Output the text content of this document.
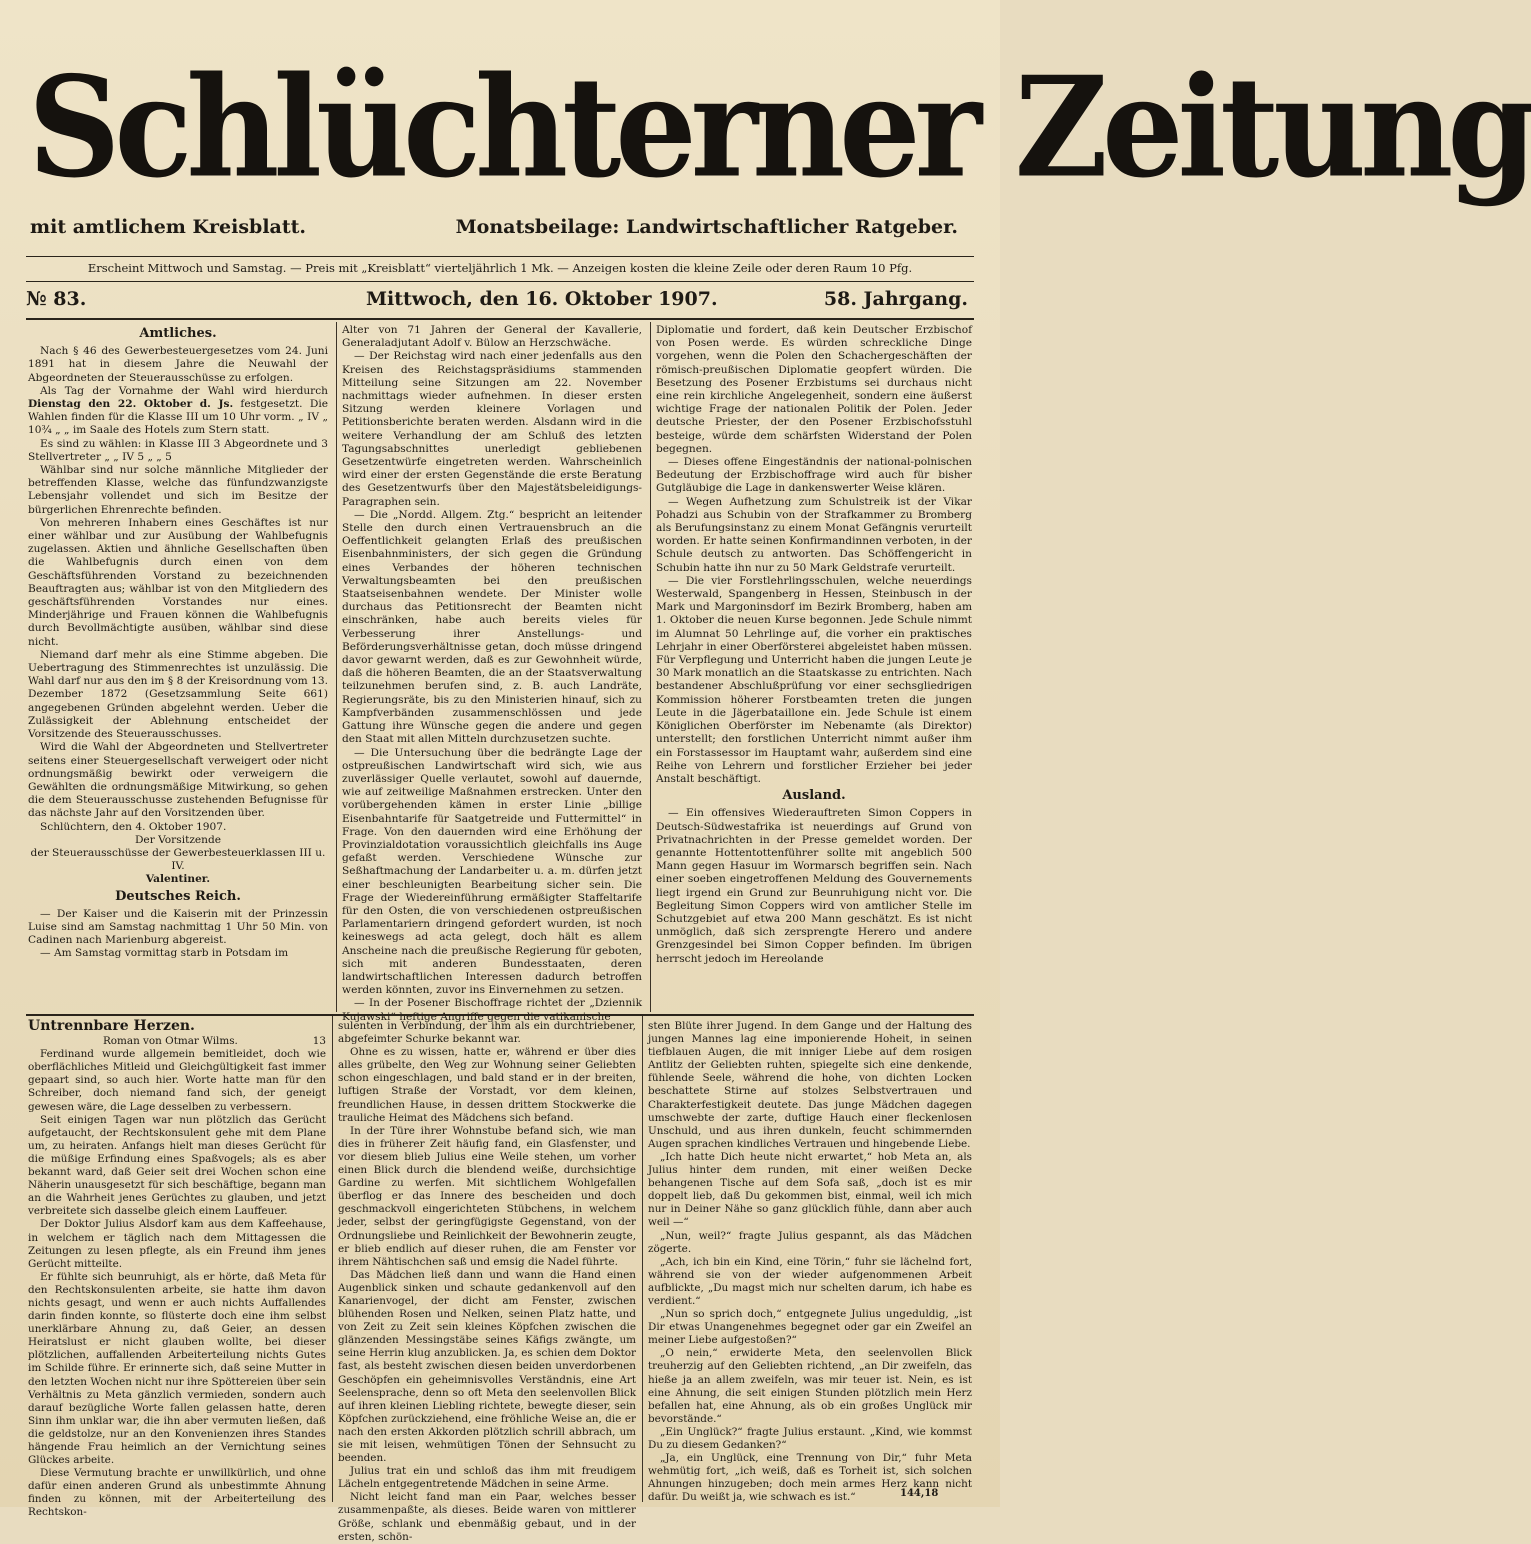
Schlüchterner Zeitung
mit amtlichem Kreisblatt.	Monatsbeilage: Landwirtschaftlicher Ratgeber.
Erscheint Mittwoch und Samstag. — Preis mit „Kreisblatt“ vierteljährlich 1 Mk. — Anzeigen kosten die kleine Zeile oder deren Raum 10 Pfg.
№ 83.	Mittwoch, den 16. Oktober 1907.	58. Jahrgang.
Amtliches.

Nach § 46 des Gewerbesteuergesetzes vom 24. Juni 1891 hat in diesem Jahre die Neuwahl der Abgeordneten der Steuerausschüsse zu erfolgen.

Als Tag der Vornahme der Wahl wird hierdurch Dienstag den 22. Oktober d. Js. festgesetzt. Die Wahlen finden für die Klasse III um 10 Uhr vorm. „ IV „ 10¾ „ „ im Saale des Hotels zum Stern statt.

Es sind zu wählen: in Klasse III 3 Abgeordnete und 3 Stellvertreter „ „ IV 5 „ „ 5

Wählbar sind nur solche männliche Mitglieder der betreffenden Klasse, welche das fünfundzwanzigste Lebensjahr vollendet und sich im Besitze der bürgerlichen Ehrenrechte befinden.

Von mehreren Inhabern eines Geschäftes ist nur einer wählbar und zur Ausübung der Wahlbefugnis zugelassen. Aktien und ähnliche Gesellschaften üben die Wahlbefugnis durch einen von dem Geschäftsführenden Vorstand zu bezeichnenden Beauftragten aus; wählbar ist von den Mitgliedern des geschäftsführenden Vorstandes nur eines. Minderjährige und Frauen können die Wahlbefugnis durch Bevollmächtigte ausüben, wählbar sind diese nicht.

Niemand darf mehr als eine Stimme abgeben. Die Uebertragung des Stimmenrechtes ist unzulässig. Die Wahl darf nur aus den im § 8 der Kreisordnung vom 13. Dezember 1872 (Gesetzsammlung Seite 661) angegebenen Gründen abgelehnt werden. Ueber die Zulässigkeit der Ablehnung entscheidet der Vorsitzende des Steuerausschusses.

Wird die Wahl der Abgeordneten und Stellvertreter seitens einer Steuergesellschaft verweigert oder nicht ordnungsmäßig bewirkt oder verweigern die Gewählten die ordnungsmäßige Mitwirkung, so gehen die dem Steuerausschusse zustehenden Befugnisse für das nächste Jahr auf den Vorsitzenden über.

Schlüchtern, den 4. Oktober 1907.

Der Vorsitzende

der Steuerausschüsse der Gewerbesteuerklassen III u. IV.

Valentiner.

Deutsches Reich.

— Der Kaiser und die Kaiserin mit der Prinzessin Luise sind am Samstag nachmittag 1 Uhr 50 Min. von Cadinen nach Marienburg abgereist.

— Am Samstag vormittag starb in Potsdam im

Alter von 71 Jahren der General der Kavallerie, Generaladjutant Adolf v. Bülow an Herzschwäche.

— Der Reichstag wird nach einer jedenfalls aus den Kreisen des Reichstagspräsidiums stammenden Mitteilung seine Sitzungen am 22. November nachmittags wieder aufnehmen. In dieser ersten Sitzung werden kleinere Vorlagen und Petitionsberichte beraten werden. Alsdann wird in die weitere Verhandlung der am Schluß des letzten Tagungsabschnittes unerledigt gebliebenen Gesetzentwürfe eingetreten werden. Wahrscheinlich wird einer der ersten Gegenstände die erste Beratung des Gesetzentwurfs über den Majestätsbeleidigungs-Paragraphen sein.

— Die „Nordd. Allgem. Ztg.“ bespricht an leitender Stelle den durch einen Vertrauensbruch an die Oeffentlichkeit gelangten Erlaß des preußischen Eisenbahnministers, der sich gegen die Gründung eines Verbandes der höheren technischen Verwaltungsbeamten bei den preußischen Staatseisenbahnen wendete. Der Minister wolle durchaus das Petitionsrecht der Beamten nicht einschränken, habe auch bereits vieles für Verbesserung ihrer Anstellungs- und Beförderungsverhältnisse getan, doch müsse dringend davor gewarnt werden, daß es zur Gewohnheit würde, daß die höheren Beamten, die an der Staatsverwaltung teilzunehmen berufen sind, z. B. auch Landräte, Regierungsräte, bis zu den Ministerien hinauf, sich zu Kampfverbänden zusammenschlössen und jede Gattung ihre Wünsche gegen die andere und gegen den Staat mit allen Mitteln durchzusetzen suchte.

— Die Untersuchung über die bedrängte Lage der ostpreußischen Landwirtschaft wird sich, wie aus zuverlässiger Quelle verlautet, sowohl auf dauernde, wie auf zeitweilige Maßnahmen erstrecken. Unter den vorübergehenden kämen in erster Linie „billige Eisenbahntarife für Saatgetreide und Futtermittel“ in Frage. Von den dauernden wird eine Erhöhung der Provinzialdotation voraussichtlich gleichfalls ins Auge gefaßt werden. Verschiedene Wünsche zur Seßhaftmachung der Landarbeiter u. a. m. dürfen jetzt einer beschleunigten Bearbeitung sicher sein. Die Frage der Wiedereinführung ermäßigter Staffeltarife für den Osten, die von verschiedenen ostpreußischen Parlamentariern dringend gefordert wurden, ist noch keineswegs ad acta gelegt, doch hält es allem Anscheine nach die preußische Regierung für geboten, sich mit anderen Bundesstaaten, deren landwirtschaftlichen Interessen dadurch betroffen werden könnten, zuvor ins Einvernehmen zu setzen.

— In der Posener Bischoffrage richtet der „Dziennik Kujawski“ heftige Angriffe gegen die vatikanische

Diplomatie und fordert, daß kein Deutscher Erzbischof von Posen werde. Es würden schreckliche Dinge vorgehen, wenn die Polen den Schachergeschäften der römisch-preußischen Diplomatie geopfert würden. Die Besetzung des Posener Erzbistums sei durchaus nicht eine rein kirchliche Angelegenheit, sondern eine äußerst wichtige Frage der nationalen Politik der Polen. Jeder deutsche Priester, der den Posener Erzbischofsstuhl besteige, würde dem schärfsten Widerstand der Polen begegnen.

— Dieses offene Eingeständnis der national-polnischen Bedeutung der Erzbischoffrage wird auch für bisher Gutgläubige die Lage in dankenswerter Weise klären.

— Wegen Aufhetzung zum Schulstreik ist der Vikar Pohadzi aus Schubin von der Strafkammer zu Bromberg als Berufungsinstanz zu einem Monat Gefängnis verurteilt worden. Er hatte seinen Konfirmandinnen verboten, in der Schule deutsch zu antworten. Das Schöffengericht in Schubin hatte ihn nur zu 50 Mark Geldstrafe verurteilt.

— Die vier Forstlehrlingsschulen, welche neuerdings Westerwald, Spangenberg in Hessen, Steinbusch in der Mark und Margoninsdorf im Bezirk Bromberg, haben am 1. Oktober die neuen Kurse begonnen. Jede Schule nimmt im Alumnat 50 Lehrlinge auf, die vorher ein praktisches Lehrjahr in einer Oberförsterei abgeleistet haben müssen. Für Verpflegung und Unterricht haben die jungen Leute je 30 Mark monatlich an die Staatskasse zu entrichten. Nach bestandener Abschlußprüfung vor einer sechsgliedrigen Kommission höherer Forstbeamten treten die jungen Leute in die Jägerbataillone ein. Jede Schule ist einem Königlichen Oberförster im Nebenamte (als Direktor) unterstellt; den forstlichen Unterricht nimmt außer ihm ein Forstassessor im Hauptamt wahr, außerdem sind eine Reihe von Lehrern und forstlicher Erzieher bei jeder Anstalt beschäftigt.

Ausland.

— Ein offensives Wiederauftreten Simon Coppers in Deutsch-Südwestafrika ist neuerdings auf Grund von Privatnachrichten in der Presse gemeldet worden. Der genannte Hottentottenführer sollte mit angeblich 500 Mann gegen Hasuur im Wormarsch begriffen sein. Nach einer soeben eingetroffenen Meldung des Gouvernements liegt irgend ein Grund zur Beunruhigung nicht vor. Die Begleitung Simon Coppers wird von amtlicher Stelle im Schutzgebiet auf etwa 200 Mann geschätzt. Es ist nicht unmöglich, daß sich zersprengte Herero und andere Grenzgesindel bei Simon Copper befinden. Im übrigen herrscht jedoch im Hereolande

Untrennbare Herzen.

Roman von Otmar Wilms.	13

Ferdinand wurde allgemein bemitleidet, doch wie oberflächliches Mitleid und Gleichgültigkeit fast immer gepaart sind, so auch hier. Worte hatte man für den Schreiber, doch niemand fand sich, der geneigt gewesen wäre, die Lage desselben zu verbessern.

Seit einigen Tagen war nun plötzlich das Gerücht aufgetaucht, der Rechtskonsulent gehe mit dem Plane um, zu heiraten. Anfangs hielt man dieses Gerücht für die müßige Erfindung eines Spaßvogels; als es aber bekannt ward, daß Geier seit drei Wochen schon eine Näherin unausgesetzt für sich beschäftige, begann man an die Wahrheit jenes Gerüchtes zu glauben, und jetzt verbreitete sich dasselbe gleich einem Lauffeuer.

Der Doktor Julius Alsdorf kam aus dem Kaffeehause, in welchem er täglich nach dem Mittagessen die Zeitungen zu lesen pflegte, als ein Freund ihm jenes Gerücht mitteilte.

Er fühlte sich beunruhigt, als er hörte, daß Meta für den Rechtskonsulenten arbeite, sie hatte ihm davon nichts gesagt, und wenn er auch nichts Auffallendes darin finden konnte, so flüsterte doch eine ihm selbst unerklärbare Ahnung zu, daß Geier, an dessen Heiratslust er nicht glauben wollte, bei dieser plötzlichen, auffallenden Arbeiterteilung nichts Gutes im Schilde führe. Er erinnerte sich, daß seine Mutter in den letzten Wochen nicht nur ihre Spöttereien über sein Verhältnis zu Meta gänzlich vermieden, sondern auch darauf bezügliche Worte fallen gelassen hatte, deren Sinn ihm unklar war, die ihn aber vermuten ließen, daß die geldstolze, nur an den Konvenienzen ihres Standes hängende Frau heimlich an der Vernichtung seines Glückes arbeite.

Diese Vermutung brachte er unwillkürlich, und ohne dafür einen anderen Grund als unbestimmte Ahnung finden zu können, mit der Arbeiterteilung des Rechtskon-

sulenten in Verbindung, der ihm als ein durchtriebener, abgefeimter Schurke bekannt war.

Ohne es zu wissen, hatte er, während er über dies alles grübelte, den Weg zur Wohnung seiner Geliebten schon eingeschlagen, und bald stand er in der breiten, luftigen Straße der Vorstadt, vor dem kleinen, freundlichen Hause, in dessen drittem Stockwerke die trauliche Heimat des Mädchens sich befand.

In der Türe ihrer Wohnstube befand sich, wie man dies in früherer Zeit häufig fand, ein Glasfenster, und vor diesem blieb Julius eine Weile stehen, um vorher einen Blick durch die blendend weiße, durchsichtige Gardine zu werfen. Mit sichtlichem Wohlgefallen überflog er das Innere des bescheiden und doch geschmackvoll eingerichteten Stübchens, in welchem jeder, selbst der geringfügigste Gegenstand, von der Ordnungsliebe und Reinlichkeit der Bewohnerin zeugte, er blieb endlich auf dieser ruhen, die am Fenster vor ihrem Nähtischchen saß und emsig die Nadel führte.

Das Mädchen ließ dann und wann die Hand einen Augenblick sinken und schaute gedankenvoll auf den Kanarienvogel, der dicht am Fenster, zwischen blühenden Rosen und Nelken, seinen Platz hatte, und von Zeit zu Zeit sein kleines Köpfchen zwischen die glänzenden Messingstäbe seines Käfigs zwängte, um seine Herrin klug anzublicken. Ja, es schien dem Doktor fast, als besteht zwischen diesen beiden unverdorbenen Geschöpfen ein geheimnisvolles Verständnis, eine Art Seelensprache, denn so oft Meta den seelenvollen Blick auf ihren kleinen Liebling richtete, bewegte dieser, sein Köpfchen zurückziehend, eine fröhliche Weise an, die er nach den ersten Akkorden plötzlich schrill abbrach, um sie mit leisen, wehmütigen Tönen der Sehnsucht zu beenden.

Julius trat ein und schloß das ihm mit freudigem Lächeln entgegentretende Mädchen in seine Arme.

Nicht leicht fand man ein Paar, welches besser zusammenpaßte, als dieses. Beide waren von mittlerer Größe, schlank und ebenmäßig gebaut, und in der ersten, schön-

sten Blüte ihrer Jugend. In dem Gange und der Haltung des jungen Mannes lag eine imponierende Hoheit, in seinen tiefblauen Augen, die mit inniger Liebe auf dem rosigen Antlitz der Geliebten ruhten, spiegelte sich eine denkende, fühlende Seele, während die hohe, von dichten Locken beschattete Stirne auf stolzes Selbstvertrauen und Charakterfestigkeit deutete. Das junge Mädchen dagegen umschwebte der zarte, duftige Hauch einer fleckenlosen Unschuld, und aus ihren dunkeln, feucht schimmernden Augen sprachen kindliches Vertrauen und hingebende Liebe.

„Ich hatte Dich heute nicht erwartet,“ hob Meta an, als Julius hinter dem runden, mit einer weißen Decke behangenen Tische auf dem Sofa saß, „doch ist es mir doppelt lieb, daß Du gekommen bist, einmal, weil ich mich nur in Deiner Nähe so ganz glücklich fühle, dann aber auch weil —“

„Nun, weil?“ fragte Julius gespannt, als das Mädchen zögerte.

„Ach, ich bin ein Kind, eine Törin,“ fuhr sie lächelnd fort, während sie von der wieder aufgenommenen Arbeit aufblickte, „Du magst mich nur schelten darum, ich habe es verdient.“

„Nun so sprich doch,“ entgegnete Julius ungeduldig, „ist Dir etwas Unangenehmes begegnet oder gar ein Zweifel an meiner Liebe aufgestoßen?“

„O nein,“ erwiderte Meta, den seelenvollen Blick treuherzig auf den Geliebten richtend, „an Dir zweifeln, das hieße ja an allem zweifeln, was mir teuer ist. Nein, es ist eine Ahnung, die seit einigen Stunden plötzlich mein Herz befallen hat, eine Ahnung, als ob ein großes Unglück mir bevorstände.“

„Ein Unglück?“ fragte Julius erstaunt. „Kind, wie kommst Du zu diesem Gedanken?“

„Ja, ein Unglück, eine Trennung von Dir,“ fuhr Meta wehmütig fort, „ich weiß, daß es Torheit ist, sich solchen Ahnungen hinzugeben; doch mein armes Herz kann nicht dafür. Du weißt ja, wie schwach es ist.“	144,18
